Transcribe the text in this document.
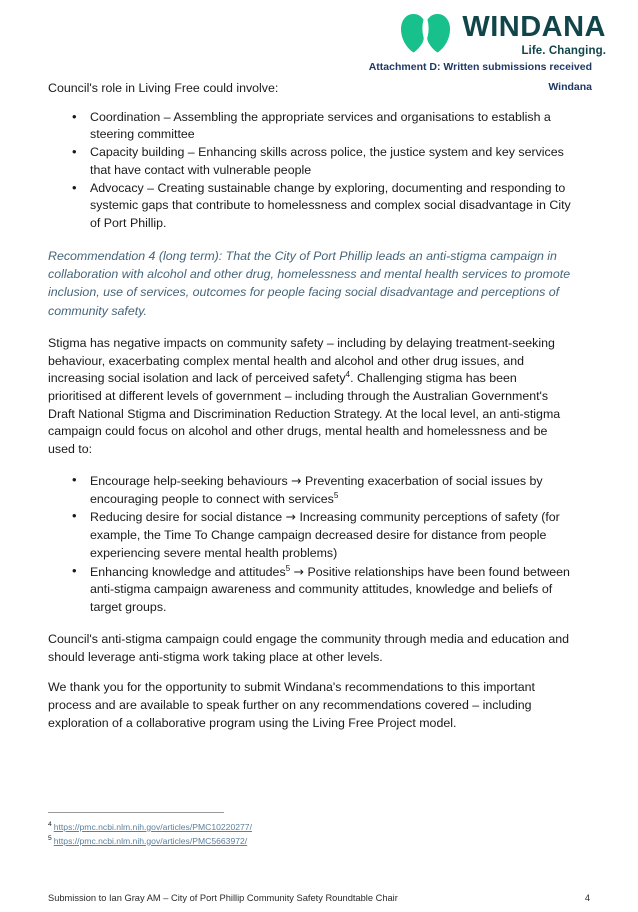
WINDANA
Life. Changing.
Attachment D: Written submissions received
Windana

Council's role in Living Free could involve:

• Coordination – Assembling the appropriate services and organisations to establish a steering committee
• Capacity building – Enhancing skills across police, the justice system and key services that have contact with vulnerable people
• Advocacy – Creating sustainable change by exploring, documenting and responding to systemic gaps that contribute to homelessness and complex social disadvantage in City of Port Phillip.

Recommendation 4 (long term): That the City of Port Phillip leads an anti-stigma campaign in collaboration with alcohol and other drug, homelessness and mental health services to promote inclusion, use of services, outcomes for people facing social disadvantage and perceptions of community safety.

Stigma has negative impacts on community safety – including by delaying treatment-seeking behaviour, exacerbating complex mental health and alcohol and other drug issues, and increasing social isolation and lack of perceived safety$^4$. Challenging stigma has been prioritised at different levels of government – including through the Australian Government's Draft National Stigma and Discrimination Reduction Strategy. At the local level, an anti-stigma campaign could focus on alcohol and other drugs, mental health and homelessness and be used to:

• Encourage help-seeking behaviours → Preventing exacerbation of social issues by encouraging people to connect with services$^5$
• Reducing desire for social distance → Increasing community perceptions of safety (for example, the Time To Change campaign decreased desire for distance from people experiencing severe mental health problems)
• Enhancing knowledge and attitudes$^5$ → Positive relationships have been found between anti-stigma campaign awareness and community attitudes, knowledge and beliefs of target groups.

Council's anti-stigma campaign could engage the community through media and education and should leverage anti-stigma work taking place at other levels.

We thank you for the opportunity to submit Windana's recommendations to this important process and are available to speak further on any recommendations covered – including exploration of a collaborative program using the Living Free Project model.

$^4$ https://pmc.ncbi.nlm.nih.gov/articles/PMC10220277/

$^5$ https://pmc.ncbi.nlm.nih.gov/articles/PMC5663972/

Submission to Ian Gray AM – City of Port Phillip Community Safety Roundtable Chair	4
